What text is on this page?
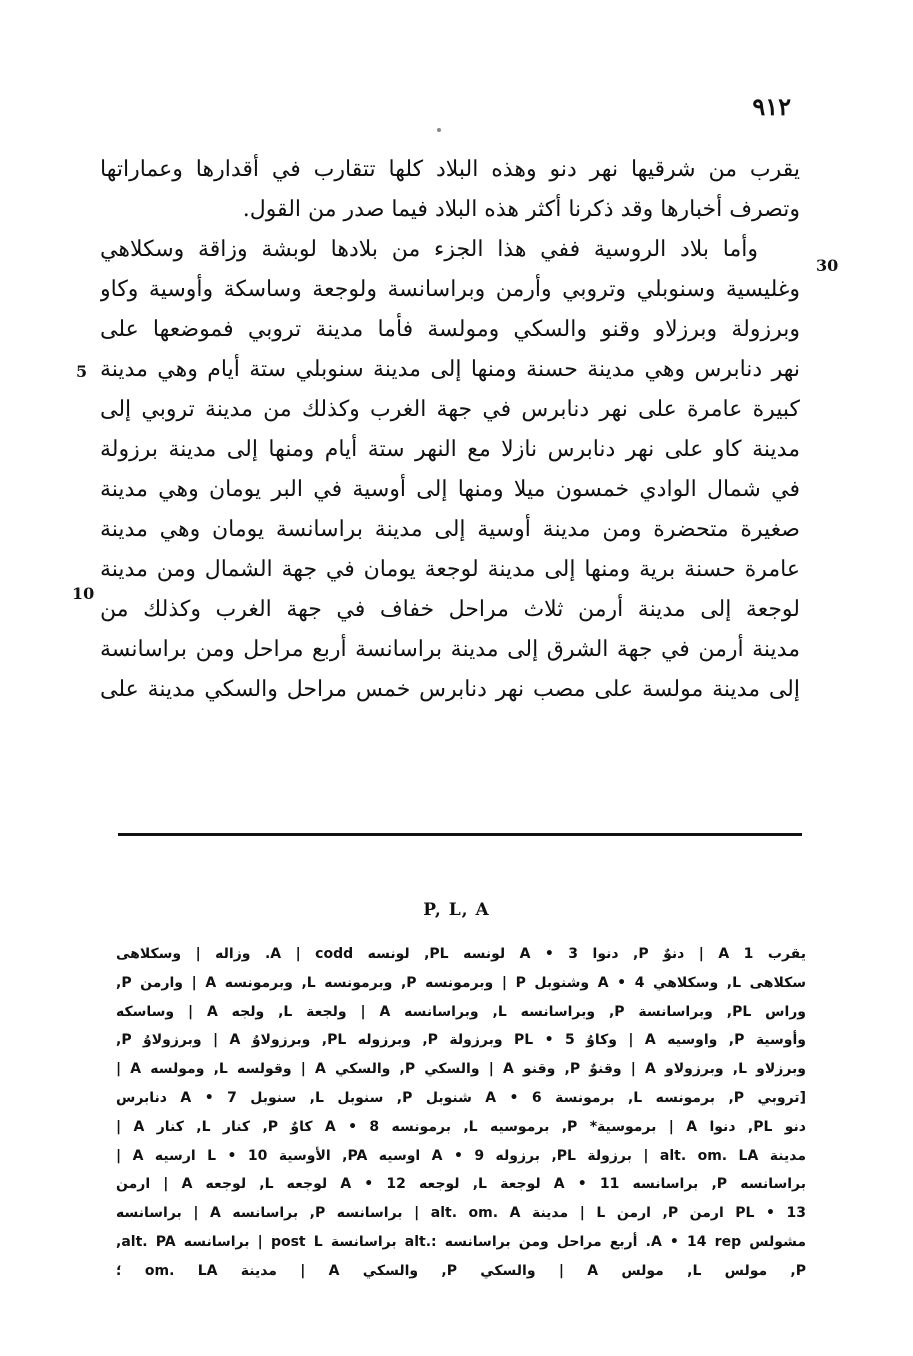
٩١٢
يقرب من شرقيها نهر دنو وهذه البلاد كلها تتقارب في أقدارها وعماراتها
وتصرف أخبارها وقد ذكرنا أكثر هذه البلاد فيما صدر من القول.
وأما بلاد الروسية ففي هذا الجزء من بلادها لوبشة وزاقة وسكلاهي
وغليسية وسنوبلي وتروبي وأرمن وبراسانسة ولوجعة وساسكة وأوسية وكاو
وبرزولة وبرزلاو وقنو والسكي ومولسة فأما مدينة تروبي فموضعها على
نهر دنابرس وهي مدينة حسنة ومنها إلى مدينة سنوبلي ستة أيام وهي مدينة
كبيرة عامرة على نهر دنابرس في جهة الغرب وكذلك من مدينة تروبي إلى
مدينة كاو على نهر دنابرس نازلا مع النهر ستة أيام ومنها إلى مدينة برزولة
في شمال الوادي خمسون ميلا ومنها إلى أوسية في البر يومان وهي مدينة
صغيرة متحضرة ومن مدينة أوسية إلى مدينة براسانسة يومان وهي مدينة
عامرة حسنة برية ومنها إلى مدينة لوجعة يومان في جهة الشمال ومن مدينة
لوجعة إلى مدينة أرمن ثلاث مراحل خفاف في جهة الغرب وكذلك من
مدينة أرمن في جهة الشرق إلى مدينة براسانسة أربع مراحل ومن براسانسة
إلى مدينة مولسة على مصب نهر دنابرس خمس مراحل والسكي مدينة على
30
5
10
P, L, A
يقرب 1 A | دنوٌ P, دنوا A • 3 لونسه PL, لونسه A | codd. وزاله | وسكلاهى
سكلاهى L, وسكلاهي A • 4 وشنوبل P | وبرمونسه P, وبرمونسه L, وبرمونسه A | وارمن P,
وراس PL, وبراسانسة P, وبراسانسه L, وبراسانسه A | ولجعة L, ولجه A | وساسكه
وأوسية P, واوسيه A | وكاوُ PL • 5 وبرزولة P, وبرزوله PL, وبرزولاوُ A | وبرزولاوُ P,
وبرزلاو L, وبرزولاو A | وقنوٌ P, وقنو A | والسكي P, والسكي A | وقولسه L, ومولسه A |
[تروبي P, برمونسه L, برمونسة A • 6 شنوبل P, سنوبل L, سنوبل A • 7 دنابرس
دنو PL, دنوا A | برموسية* P, برموسيه L, برمونسه A • 8 كاوٌ P, كنار L, كنار A |
مدينة alt. om. LA | برزولة PL, برزوله A • 9 اوسيه PA, الأوسية L • 10 ارسيه A |
براسانسه P, براسانسه A • 11 لوجعة L, لوجعه A • 12 لوجعه L, لوجعه A | ارمن
PL • 13 ارمن P, ارمن L | مدينة alt. om. A | براسانسه P, براسانسه A | براسانسه
مشولس A • 14 rep. أربع مراحل ومن براسانسه :.alt براسانسة post L | براسانسه alt. PA,
P, مولس L, مولس A | والسكي P, والسكي A | مدينة om. LA ؛
